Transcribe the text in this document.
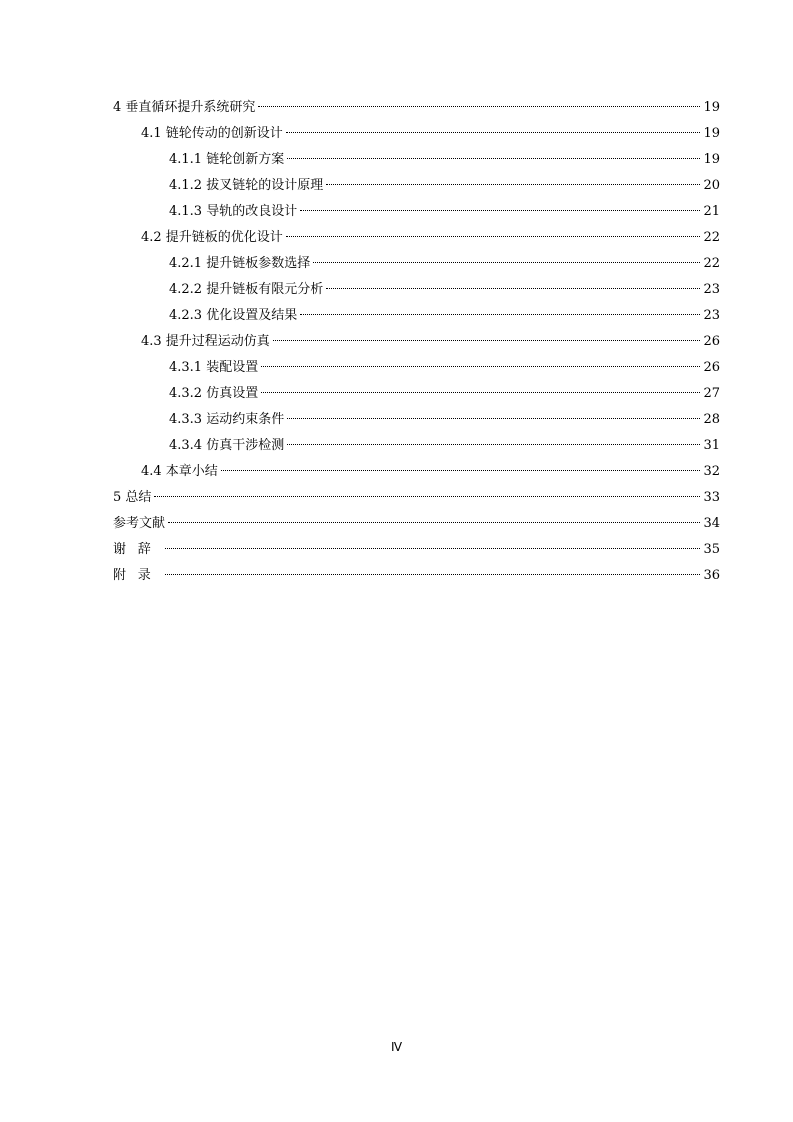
4 垂直循环提升系统研究	19
4.1 链轮传动的创新设计	19
4.1.1 链轮创新方案	19
4.1.2 拔叉链轮的设计原理	20
4.1.3 导轨的改良设计	21
4.2 提升链板的优化设计	22
4.2.1 提升链板参数选择	22
4.2.2 提升链板有限元分析	23
4.2.3 优化设置及结果	23
4.3 提升过程运动仿真	26
4.3.1 装配设置	26
4.3.2 仿真设置	27
4.3.3 运动约束条件	28
4.3.4 仿真干涉检测	31
4.4 本章小结	32
5 总结	33
参考文献	34
谢辞	35
附录	36
Ⅳ
